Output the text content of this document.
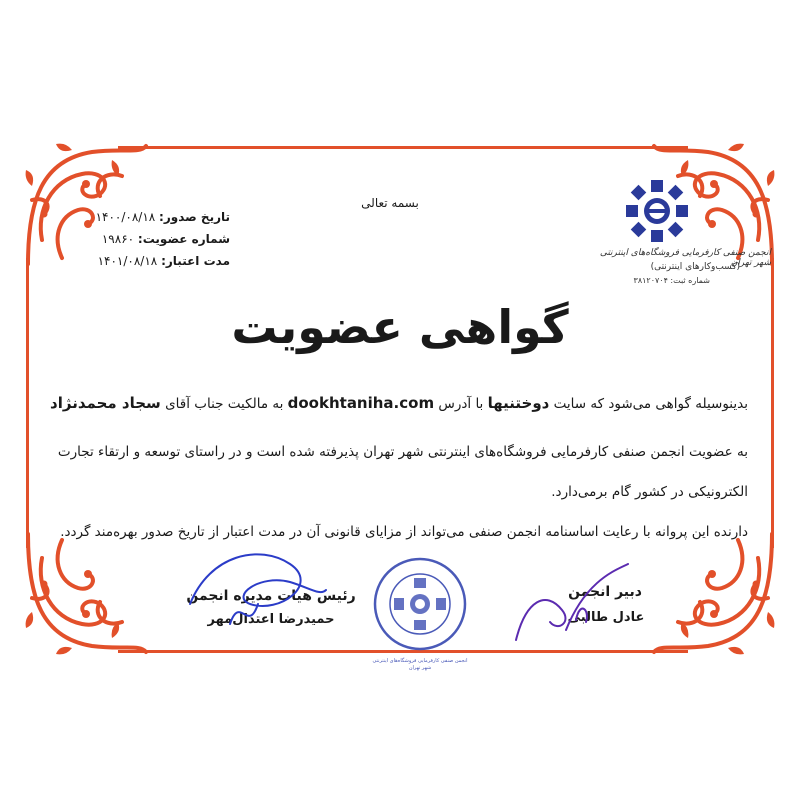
بسمه تعالی
تاریخ صدور: ۱۴۰۰/۰۸/۱۸
شماره عضویت: ۱۹۸۶۰
مدت اعتبار: ۱۴۰۱/۰۸/۱۸
انجمن صنفی کارفرمایی فروشگاه‌های اینترنتی شهر تهران
(کسب‌وکارهای اینترنتی)
شماره ثبت: ۳۸۱۲۰۷۰۴
گواهی عضویت
بدینوسیله گواهی می‌شود که سایت دوختنیها با آدرس dookhtaniha.com به مالکیت جناب آقای سجاد محمدنژاد
به عضویت انجمن صنفی کارفرمایی فروشگاه‌های اینترنتی شهر تهران پذیرفته شده است و در راستای توسعه و ارتقاء تجارت
الکترونیکی در کشور گام برمی‌دارد.
دارنده این پروانه با رعایت اساسنامه انجمن صنفی می‌تواند از مزایای قانونی آن در مدت اعتبار از تاریخ صدور بهره‌مند گردد.
رئیس هیات مدیره انجمن
حمیدرضا اعتدال‌مهر
انجمن صنفی کارفرمایی فروشگاه‌های اینترنتی شهر تهران
دبیر انجمن
عادل طالبی
